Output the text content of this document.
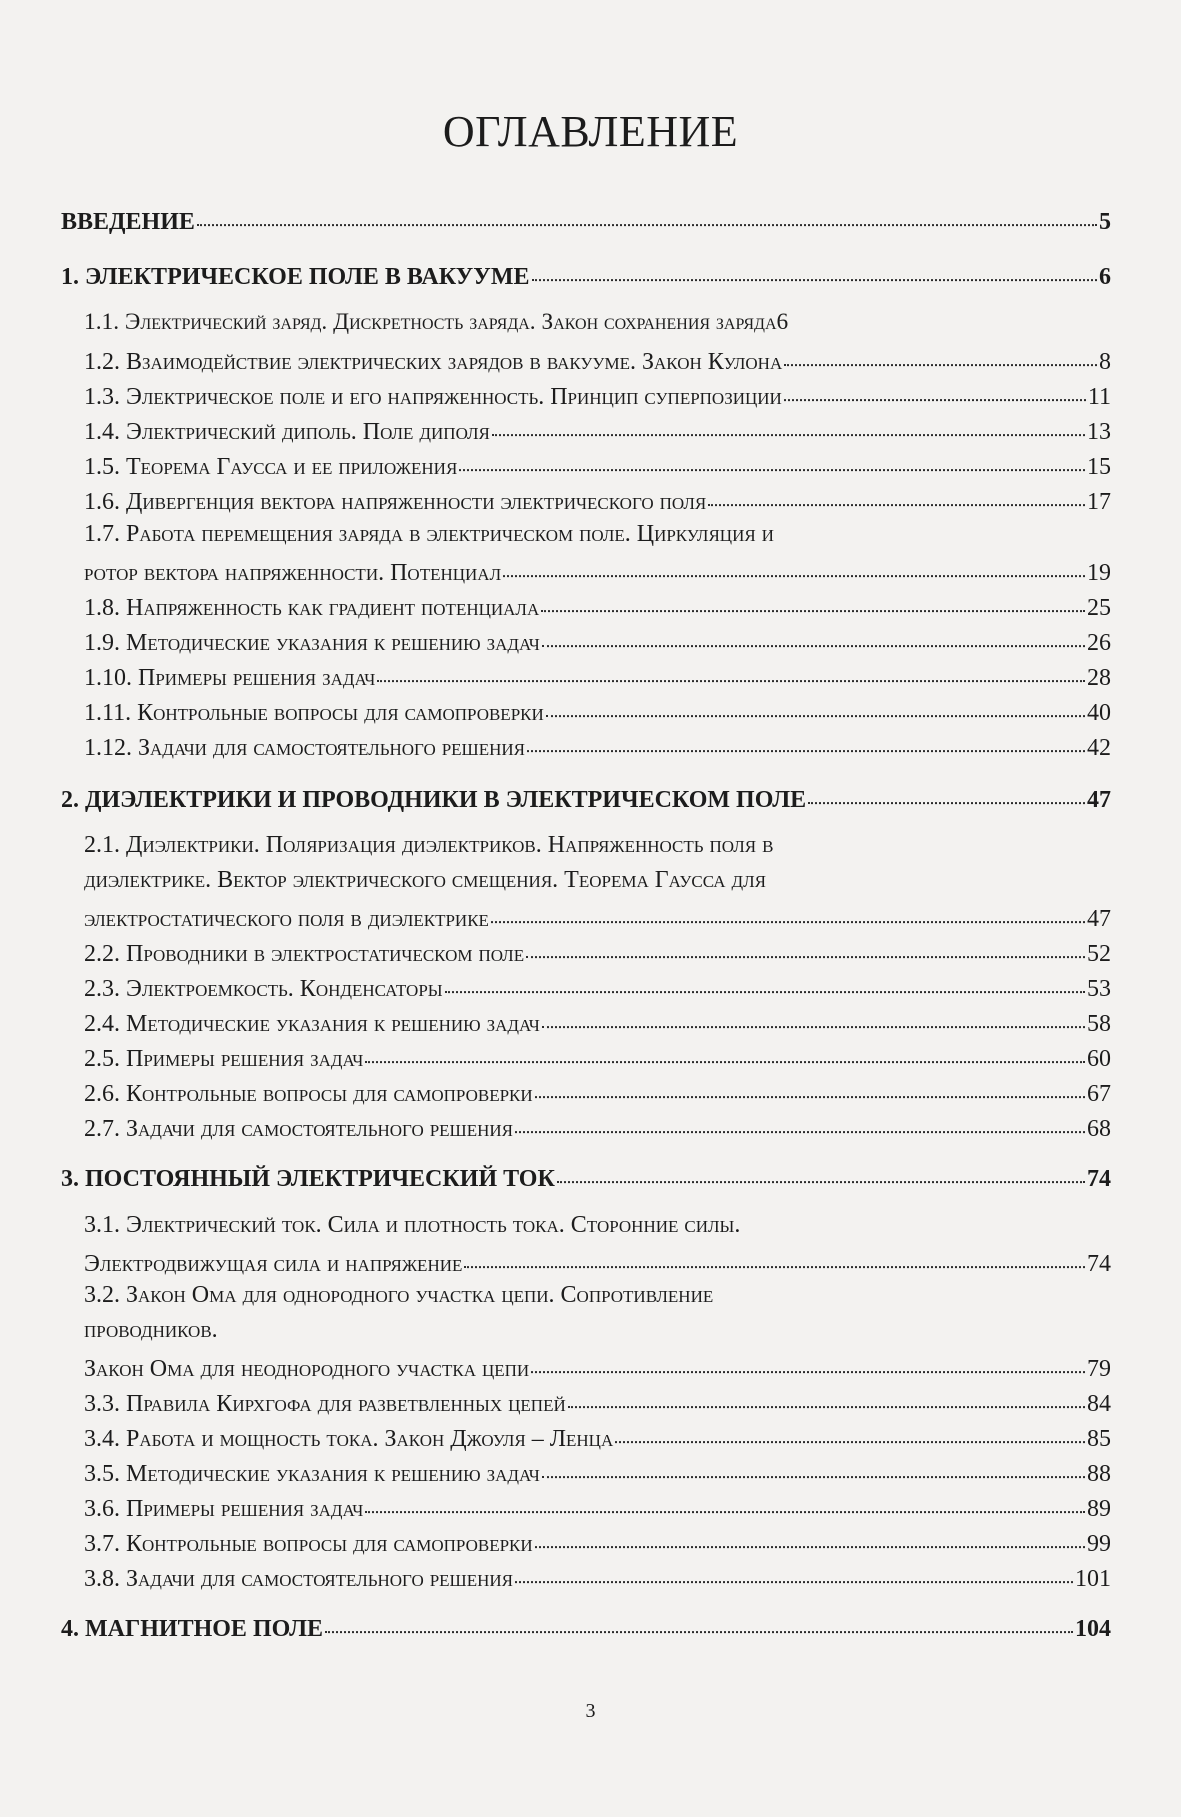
ОГЛАВЛЕНИЕ
ВВЕДЕНИЕ	5
1. ЭЛЕКТРИЧЕСКОЕ ПОЛЕ В ВАКУУМЕ	6
1.1. Электрический заряд. Дискретность заряда. Закон сохранения заряда 6
1.2. Взаимодействие электрических зарядов в вакууме. Закон Кулона	8
1.3. Электрическое поле и его напряженность. Принцип суперпозиции	11
1.4. Электрический диполь. Поле диполя	13
1.5. Теорема Гаусса и ее приложения	15
1.6. Дивергенция вектора напряженности электрического поля	17
1.7. Работа перемещения заряда в электрическом поле. Циркуляция и
ротор вектора напряженности. Потенциал	19
1.8. Напряженность как градиент потенциала	25
1.9. Методические указания к решению задач	26
1.10. Примеры решения задач	28
1.11. Контрольные вопросы для самопроверки	40
1.12. Задачи для самостоятельного решения	42
2. ДИЭЛЕКТРИКИ И ПРОВОДНИКИ В ЭЛЕКТРИЧЕСКОМ ПОЛЕ	47
2.1. Диэлектрики. Поляризация диэлектриков. Напряженность поля в
диэлектрике. Вектор электрического смещения. Теорема Гаусса для
электростатического поля в диэлектрике	47
2.2. Проводники в электростатическом поле	52
2.3. Электроемкость. Конденсаторы	53
2.4. Методические указания к решению задач	58
2.5. Примеры решения задач	60
2.6. Контрольные вопросы для самопроверки	67
2.7. Задачи для самостоятельного решения	68
3. ПОСТОЯННЫЙ ЭЛЕКТРИЧЕСКИЙ ТОК	74
3.1. Электрический ток. Сила и плотность тока. Сторонние силы.
Электродвижущая сила и напряжение	74
3.2. Закон Ома для однородного участка цепи. Сопротивление
проводников.
Закон Ома для неоднородного участка цепи	79
3.3. Правила Кирхгофа для разветвленных цепей	84
3.4. Работа и мощность тока. Закон Джоуля – Ленца	85
3.5. Методические указания к решению задач	88
3.6. Примеры решения задач	89
3.7. Контрольные вопросы для самопроверки	99
3.8. Задачи для самостоятельного решения	101
4. МАГНИТНОЕ ПОЛЕ	104
3
